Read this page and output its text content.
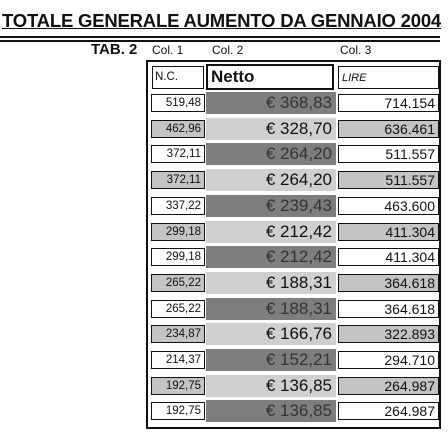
TOTALE GENERALE AUMENTO DA GENNAIO 2004
TAB. 2 Col. 1 Col. 2	Col. 3
N.C.	Netto	LIRE
519,48	€ 368,83	714.154
462,96	€ 328,70	636.461
372,11	€ 264,20	511.557
372,11	€ 264,20	511.557
337,22	€ 239,43	463.600
299,18	€ 212,42	411.304
299,18	€ 212,42	411.304
265,22	€ 188,31	364.618
265,22	€ 188,31	364.618
234,87	€ 166,76	322.893
214,37	€ 152,21	294.710
192,75	€ 136,85	264.987
192,75	€ 136,85	264.987
